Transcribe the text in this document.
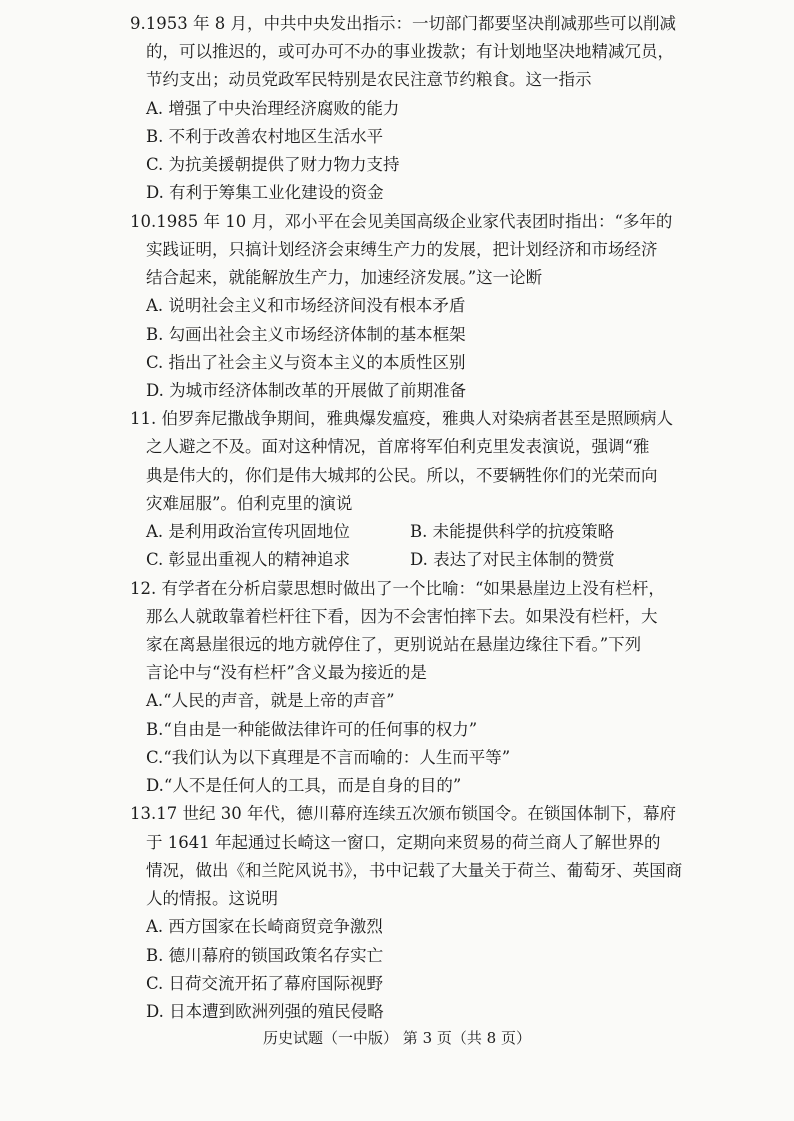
9.1953 年 8 月，中共中央发出指示：一切部门都要坚决削减那些可以削减
的，可以推迟的，或可办可不办的事业拨款；有计划地坚决地精减冗员，
节约支出；动员党政军民特别是农民注意节约粮食。这一指示
A. 增强了中央治理经济腐败的能力
B. 不利于改善农村地区生活水平
C. 为抗美援朝提供了财力物力支持
D. 有利于筹集工业化建设的资金
10.1985 年 10 月，邓小平在会见美国高级企业家代表团时指出：“多年的
实践证明，只搞计划经济会束缚生产力的发展，把计划经济和市场经济
结合起来，就能解放生产力，加速经济发展。”这一论断
A. 说明社会主义和市场经济间没有根本矛盾
B. 勾画出社会主义市场经济体制的基本框架
C. 指出了社会主义与资本主义的本质性区别
D. 为城市经济体制改革的开展做了前期准备
11. 伯罗奔尼撒战争期间，雅典爆发瘟疫，雅典人对染病者甚至是照顾病人
之人避之不及。面对这种情况，首席将军伯利克里发表演说，强调“雅
典是伟大的，你们是伟大城邦的公民。所以，不要辆牲你们的光荣而向
灾难屈服”。伯利克里的演说
A. 是利用政治宣传巩固地位	B. 未能提供科学的抗疫策略
C. 彰显出重视人的精神追求	D. 表达了对民主体制的赞赏
12. 有学者在分析启蒙思想时做出了一个比喻：“如果悬崖边上没有栏杆，
那么人就敢靠着栏杆往下看，因为不会害怕摔下去。如果没有栏杆，大
家在离悬崖很远的地方就停住了，更别说站在悬崖边缘往下看。”下列
言论中与“没有栏杆”含义最为接近的是
A.“人民的声音，就是上帝的声音”
B.“自由是一种能做法律许可的任何事的权力”
C.“我们认为以下真理是不言而喻的：人生而平等”
D.“人不是任何人的工具，而是自身的目的”
13.17 世纪 30 年代，德川幕府连续五次颁布锁国令。在锁国体制下，幕府
于 1641 年起通过长崎这一窗口，定期向来贸易的荷兰商人了解世界的
情况，做出《和兰陀风说书》，书中记载了大量关于荷兰、葡萄牙、英国商
人的情报。这说明
A. 西方国家在长崎商贸竞争激烈
B. 德川幕府的锁国政策名存实亡
C. 日荷交流开拓了幕府国际视野
D. 日本遭到欧洲列强的殖民侵略
历史试题（一中版） 第 3 页（共 8 页）
